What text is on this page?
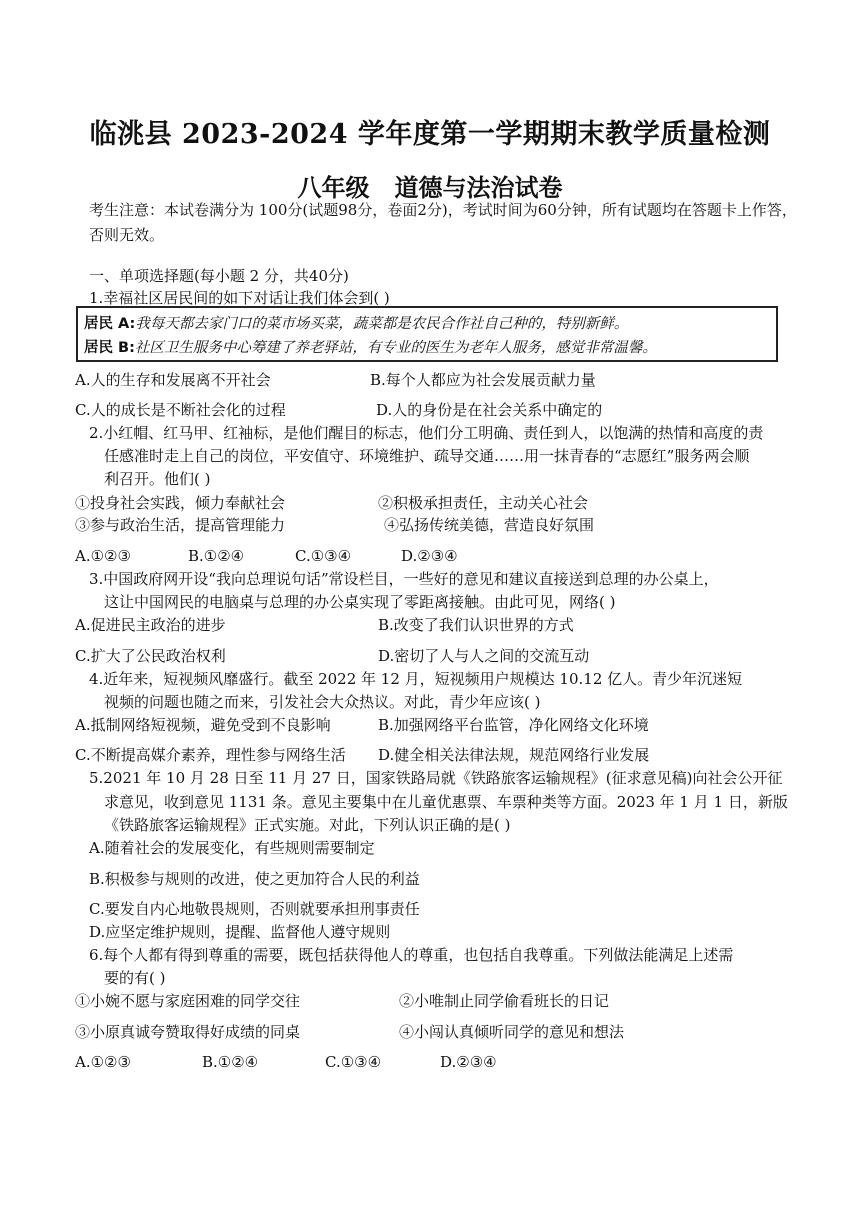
临洮县 2023-2024 学年度第一学期期末教学质量检测
八年级   道德与法治试卷
考生注意：本试卷满分为 100分(试题98分，卷面2分)，考试时间为60分钟，所有试题均在答题卡上作答，否则无效。
一、单项选择题(每小题 2 分，共40分)
1.幸福社区居民间的如下对话让我们体会到( )
居民 A:我每天都去家门口的菜市场买菜，蔬菜都是农民合作社自己种的，特别新鲜。
居民 B:社区卫生服务中心筹建了养老驿站，有专业的医生为老年人服务，感觉非常温馨。
A.人的生存和发展离不开社会	B.每个人都应为社会发展贡献力量
C.人的成长是不断社会化的过程	D.人的身份是在社会关系中确定的
2.小红帽、红马甲、红袖标，是他们醒目的标志，他们分工明确、责任到人，以饱满的热情和高度的责
任感准时走上自己的岗位，平安值守、环境维护、疏导交通……用一抹青春的“志愿红”服务两会顺
利召开。他们( )
①投身社会实践，倾力奉献社会	②积极承担责任，主动关心社会
③参与政治生活，提高管理能力	④弘扬传统美德，营造良好氛围
A.①②③	B.①②④	C.①③④	D.②③④
3.中国政府网开设“我向总理说句话”常设栏目，一些好的意见和建议直接送到总理的办公桌上，
这让中国网民的电脑桌与总理的办公桌实现了零距离接触。由此可见，网络( )
A.促进民主政治的进步	B.改变了我们认识世界的方式
C.扩大了公民政治权利	D.密切了人与人之间的交流互动
4.近年来，短视频风靡盛行。截至 2022 年 12 月，短视频用户规模达 10.12 亿人。青少年沉迷短
视频的问题也随之而来，引发社会大众热议。对此，青少年应该( )
A.抵制网络短视频，避免受到不良影响	B.加强网络平台监管，净化网络文化环境
C.不断提高媒介素养，理性参与网络生活 D.健全相关法律法规，规范网络行业发展
5.2021 年 10 月 28 日至 11 月 27 日，国家铁路局就《铁路旅客运输规程》(征求意见稿)向社会公开征
求意见，收到意见 1131 条。意见主要集中在儿童优惠票、车票种类等方面。2023 年 1 月 1 日，新版
《铁路旅客运输规程》正式实施。对此，下列认识正确的是( )
A.随着社会的发展变化，有些规则需要制定
B.积极参与规则的改进，使之更加符合人民的利益
C.要发自内心地敬畏规则，否则就要承担刑事责任
D.应坚定维护规则，提醒、监督他人遵守规则
6.每个人都有得到尊重的需要，既包括获得他人的尊重，也包括自我尊重。下列做法能满足上述需
要的有( )
①小婉不愿与家庭困难的同学交往	②小唯制止同学偷看班长的日记
③小原真诚夸赞取得好成绩的同桌	④小闯认真倾听同学的意见和想法
A.①②③	B.①②④	C.①③④	D.②③④
